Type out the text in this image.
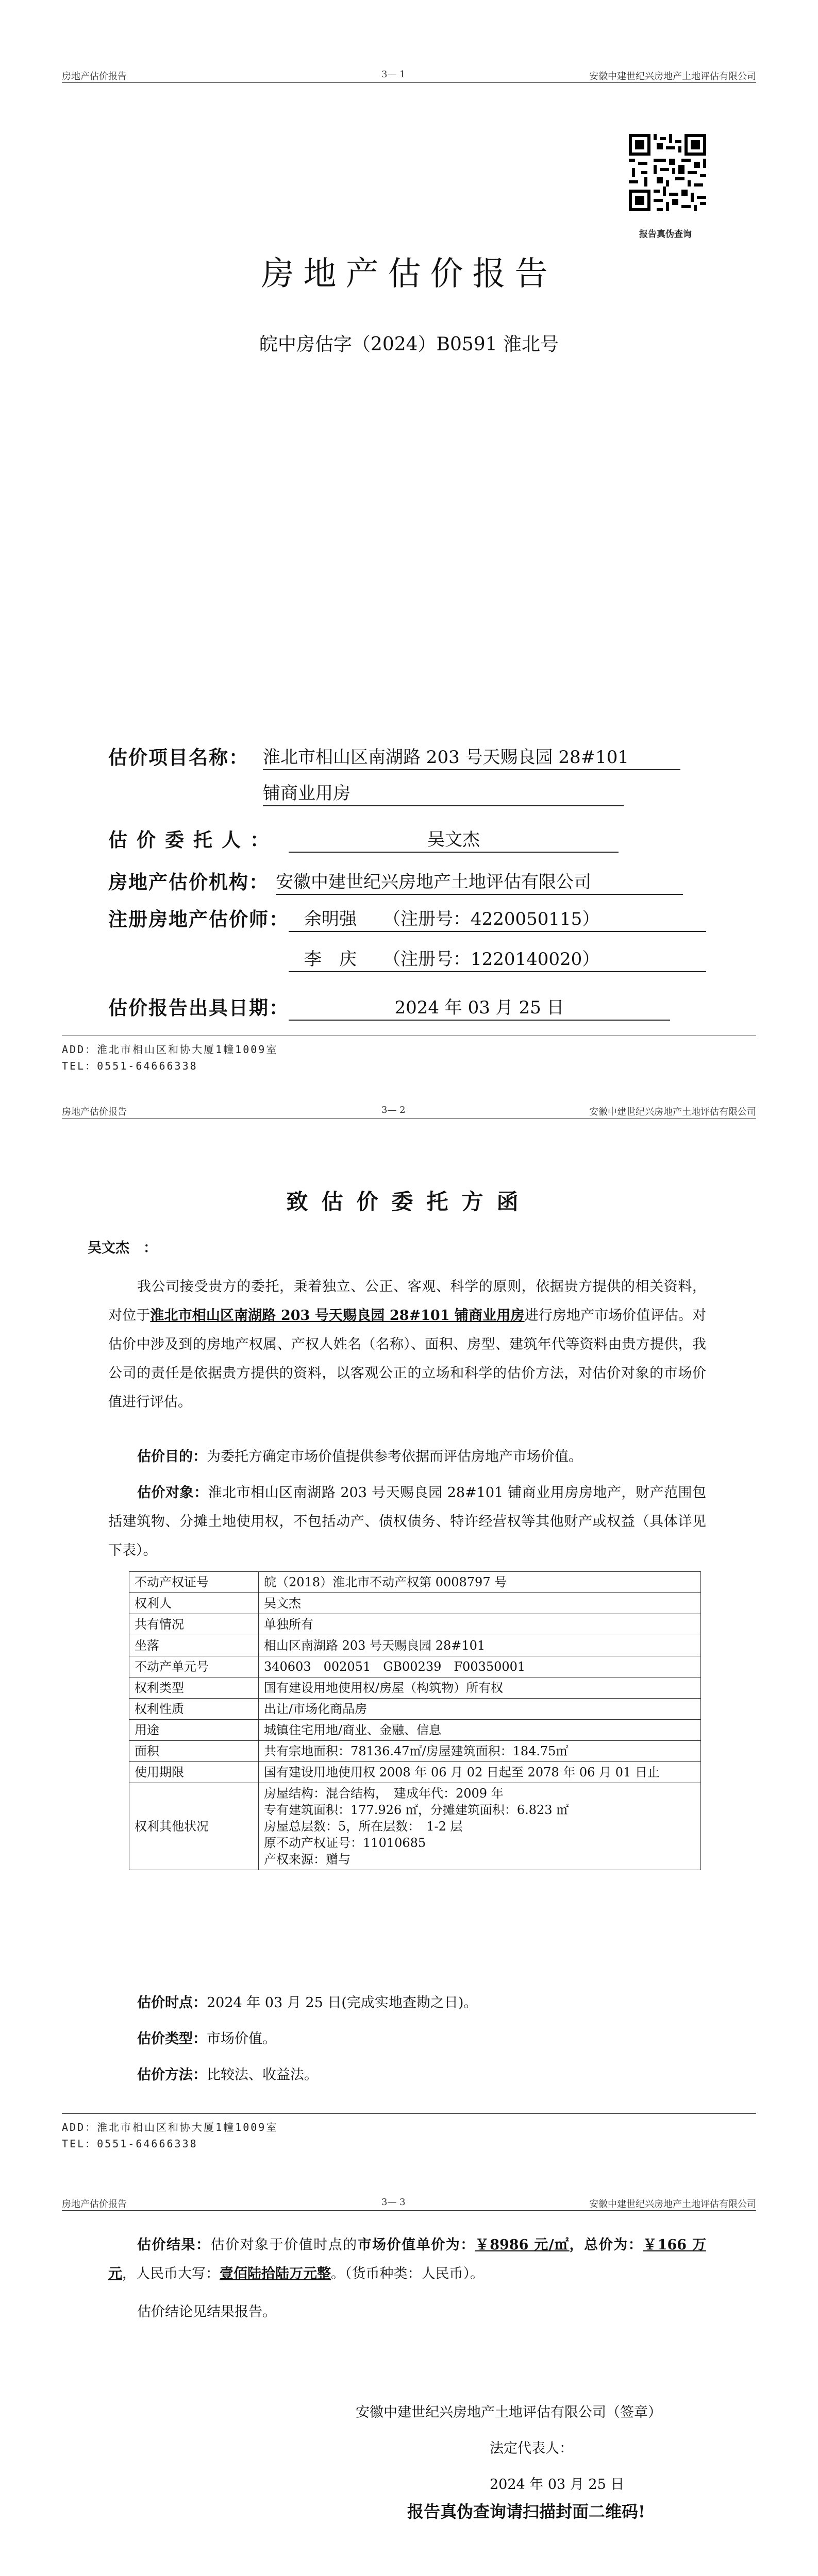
房地产估价报告	3— 1	安徽中建世纪兴房地产土地评估有限公司
报告真伪查询
房地产估价报告
皖中房估字（2024）B0591 淮北号
估价项目名称： 淮北市相山区南湖路 203 号天赐良园 28#101
铺商业用房
估价委托人：	吴文杰
房地产估价机构： 安徽中建世纪兴房地产土地评估有限公司
注册房地产估价师： 余明强　　（注册号：4220050115）
李　庆　　（注册号：1220140020）
估价报告出具日期：	2024 年 03 月 25 日
ADD：淮北市相山区和协大厦1幢1009室
TEL：0551-64666338
房地产估价报告	3— 2	安徽中建世纪兴房地产土地评估有限公司
致估价委托方函
吴文杰　：
我公司接受贵方的委托，秉着独立、公正、客观、科学的原则，依据贵方提供的相关资料，对位于淮北市相山区南湖路 203 号天赐良园 28#101 铺商业用房进行房地产市场价值评估。对估价中涉及到的房地产权属、产权人姓名（名称）、面积、房型、建筑年代等资料由贵方提供，我公司的责任是依据贵方提供的资料，以客观公正的立场和科学的估价方法，对估价对象的市场价值进行评估。
估价目的：为委托方确定市场价值提供参考依据而评估房地产市场价值。
估价对象：淮北市相山区南湖路 203 号天赐良园 28#101 铺商业用房房地产，财产范围包括建筑物、分摊土地使用权，不包括动产、债权债务、特许经营权等其他财产或权益（具体详见下表）。
不动产权证号	皖（2018）淮北市不动产权第 0008797 号
权利人	吴文杰
共有情况	单独所有
坐落	相山区南湖路 203 号天赐良园 28#101
不动产单元号	340603　002051　GB00239　F00350001
权利类型	国有建设用地使用权/房屋（构筑物）所有权
权利性质	出让/市场化商品房
用途	城镇住宅用地/商业、金融、信息
面积	共有宗地面积：78136.47㎡/房屋建筑面积：184.75㎡
使用期限	国有建设用地使用权 2008 年 06 月 02 日起至 2078 年 06 月 01 日止
权利其他状况	房屋结构：混合结构，　建成年代：2009 年
专有建筑面积：177.926 ㎡，分摊建筑面积：6.823 ㎡
房屋总层数：5，所在层数：　1-2 层
原不动产权证号：11010685
产权来源：赠与
估价时点：2024 年 03 月 25 日(完成实地查勘之日)。
估价类型：市场价值。
估价方法：比较法、收益法。
ADD：淮北市相山区和协大厦1幢1009室
TEL：0551-64666338
房地产估价报告	3— 3	安徽中建世纪兴房地产土地评估有限公司
估价结果：估价对象于价值时点的市场价值单价为：￥8986 元/㎡，总价为：￥166 万元，人民币大写：壹佰陆拾陆万元整。（货币种类：人民币）。
估价结论见结果报告。
安徽中建世纪兴房地产土地评估有限公司（签章）
法定代表人：
2024 年 03 月 25 日
报告真伪查询请扫描封面二维码!
